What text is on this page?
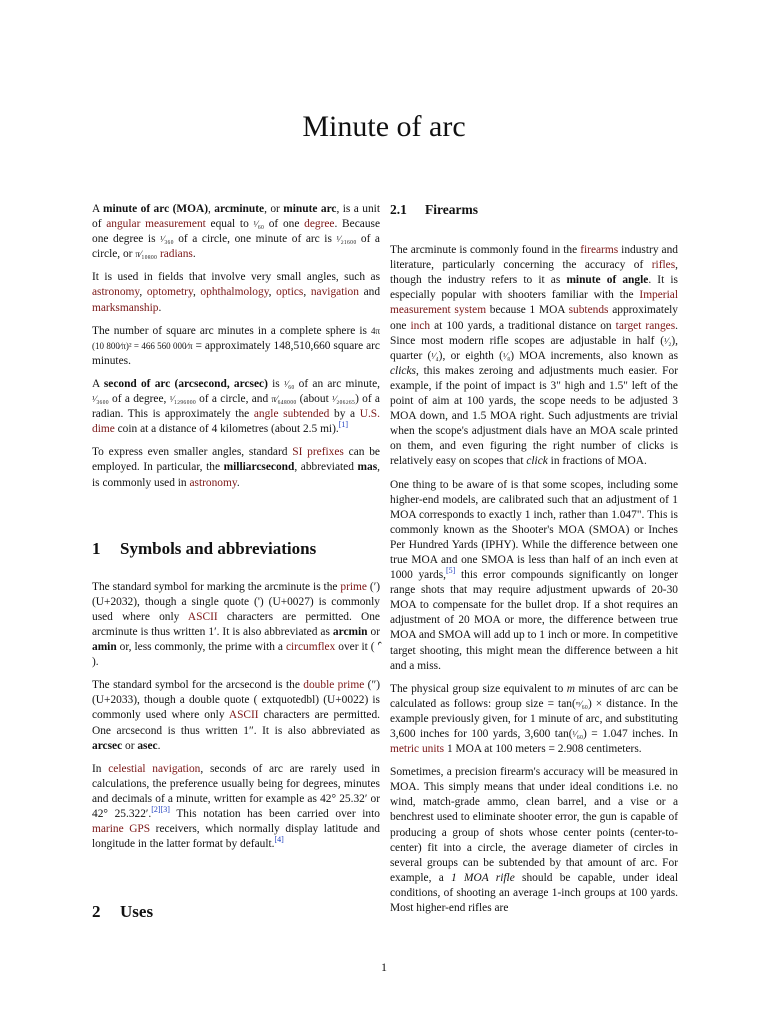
Minute of arc

A minute of arc (MOA), arcminute, or minute arc, is a unit of angular measurement equal to ¹⁄₆₀ of one degree. Because one degree is ¹⁄₃₆₀ of a circle, one minute of arc is ¹⁄₂₁₆₀₀ of a circle, or π⁄₁₀₈₀₀ radians.

It is used in fields that involve very small angles, such as astronomy, optometry, ophthalmology, optics, navigation and marksmanship.

The number of square arc minutes in a complete sphere is 4π (10 800⁄π)² = 466 560 000⁄π = approximately 148,510,660 square arc minutes.

A second of arc (arcsecond, arcsec) is ¹⁄₆₀ of an arc minute, ¹⁄₃₆₀₀ of a degree, ¹⁄₁₂₉₆₀₀₀ of a circle, and π⁄₆₄₈₀₀₀ (about ¹⁄₂₀₆₂₆₅) of a radian. This is approximately the angle subtended by a U.S. dime coin at a distance of 4 kilometres (about 2.5 mi).[1]

To express even smaller angles, standard SI prefixes can be employed. In particular, the milliarcsecond, abbreviated mas, is commonly used in astronomy.

1 Symbols and abbreviations

The standard symbol for marking the arcminute is the prime (′) (U+2032), though a single quote (') (U+0027) is commonly used where only ASCII characters are permitted. One arcminute is thus written 1′. It is also abbreviated as arcmin or amin or, less commonly, the prime with a circumflex over it ( ′̂ ).

The standard symbol for the arcsecond is the double prime (″) (U+2033), though a double quote ( extquotedbl) (U+0022) is commonly used where only ASCII characters are permitted. One arcsecond is thus written 1″. It is also abbreviated as arcsec or asec.

In celestial navigation, seconds of arc are rarely used in calculations, the preference usually being for degrees, minutes and decimals of a minute, written for example as 42° 25.32′ or 42° 25.322′.[2][3] This notation has been carried over into marine GPS receivers, which normally display latitude and longitude in the latter format by default.[4]

2 Uses
2.1 Firearms

The arcminute is commonly found in the firearms industry and literature, particularly concerning the accuracy of rifles, though the industry refers to it as minute of angle. It is especially popular with shooters familiar with the Imperial measurement system because 1 MOA subtends approximately one inch at 100 yards, a traditional distance on target ranges. Since most modern rifle scopes are adjustable in half (¹⁄₂), quarter (¹⁄₄), or eighth (¹⁄₈) MOA increments, also known as clicks, this makes zeroing and adjustments much easier. For example, if the point of impact is 3" high and 1.5" left of the point of aim at 100 yards, the scope needs to be adjusted 3 MOA down, and 1.5 MOA right. Such adjustments are trivial when the scope's adjustment dials have an MOA scale printed on them, and even figuring the right number of clicks is relatively easy on scopes that click in fractions of MOA.

One thing to be aware of is that some scopes, including some higher-end models, are calibrated such that an adjustment of 1 MOA corresponds to exactly 1 inch, rather than 1.047". This is commonly known as the Shooter's MOA (SMOA) or Inches Per Hundred Yards (IPHY). While the difference between one true MOA and one SMOA is less than half of an inch even at 1000 yards,[5] this error compounds significantly on longer range shots that may require adjustment upwards of 20-30 MOA to compensate for the bullet drop. If a shot requires an adjustment of 20 MOA or more, the difference between true MOA and SMOA will add up to 1 inch or more. In competitive target shooting, this might mean the difference between a hit and a miss.

The physical group size equivalent to m minutes of arc can be calculated as follows: group size = tan(ᵐ⁄₆₀) × distance. In the example previously given, for 1 minute of arc, and substituting 3,600 inches for 100 yards, 3,600 tan(¹⁄₆₀) = 1.047 inches. In metric units 1 MOA at 100 meters = 2.908 centimeters.

Sometimes, a precision firearm's accuracy will be measured in MOA. This simply means that under ideal conditions i.e. no wind, match-grade ammo, clean barrel, and a vise or a benchrest used to eliminate shooter error, the gun is capable of producing a group of shots whose center points (center-to-center) fit into a circle, the average diameter of circles in several groups can be subtended by that amount of arc. For example, a 1 MOA rifle should be capable, under ideal conditions, of shooting an average 1-inch groups at 100 yards. Most higher-end rifles are

1
